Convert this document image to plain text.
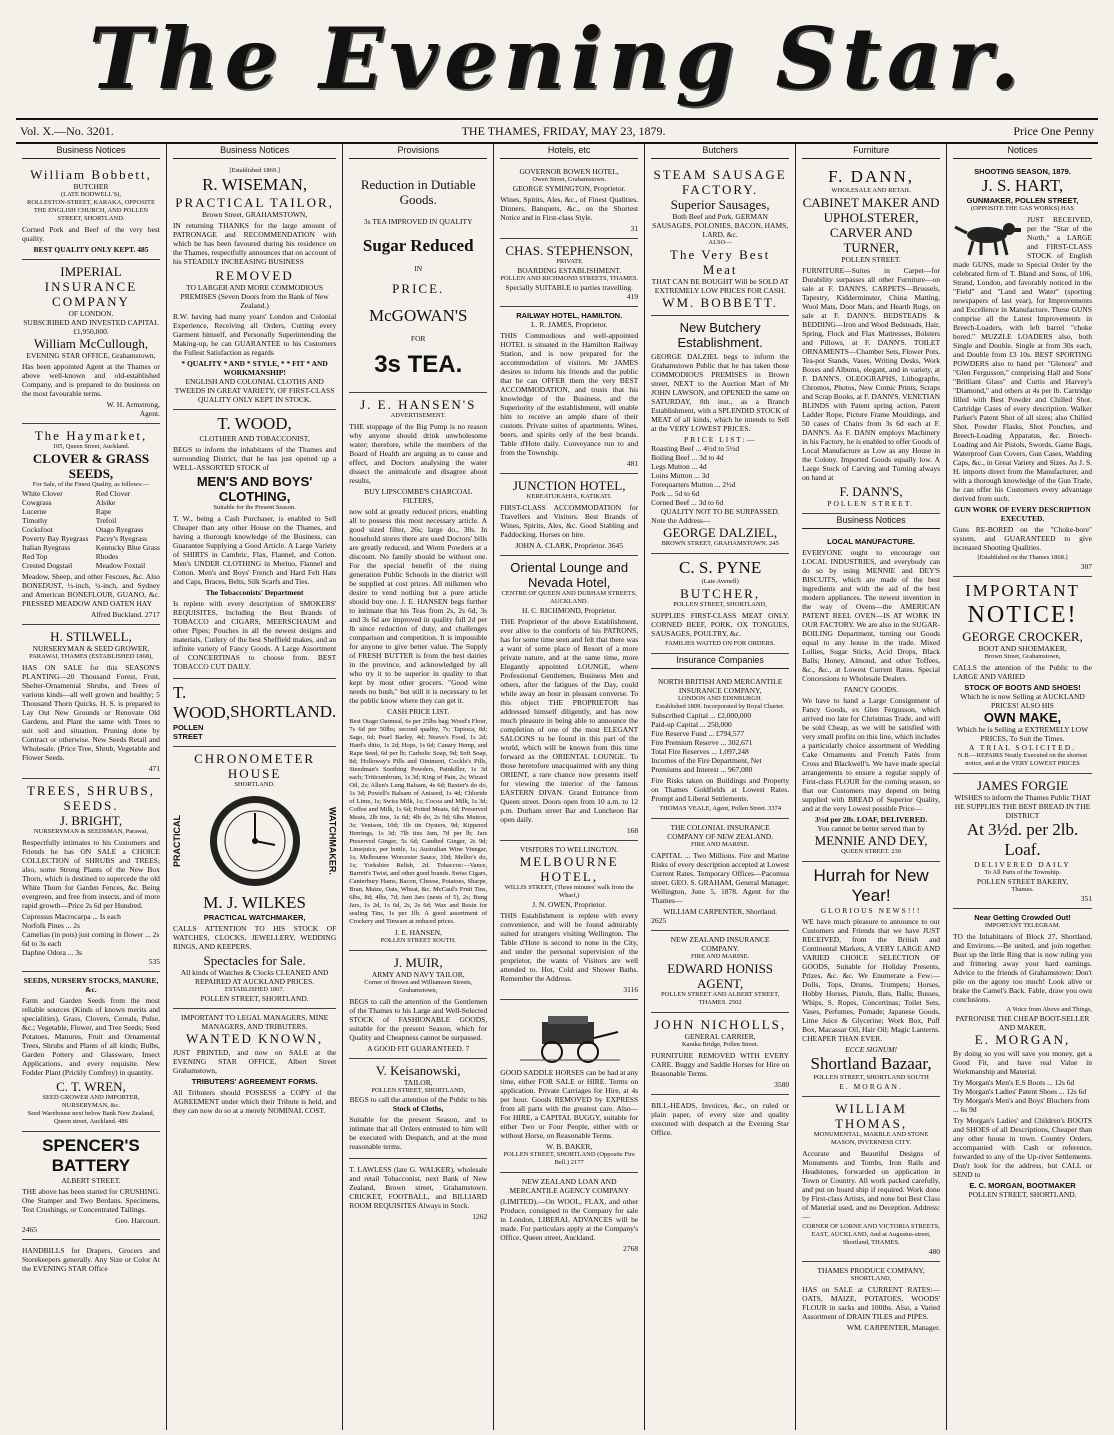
The Evening Star.
Vol. X.—No. 3201.	THE THAMES, FRIDAY, MAY 23, 1879.	Price One Penny
Business Notices
William Bobbett,
BUTCHER
(LATE BODWELL'S),
ROLLESTON-STREET, KARAKA, OPPOSITE THE ENGLISH CHURCH, AND POLLEN STREET, SHORTLAND.
Corned Pork and Beef of the very best quality.
BEST QUALITY ONLY KEPT. 485
IMPERIAL
INSURANCE COMPANY
OF LONDON.
SUBSCRIBED AND INVESTED CAPITAL £1,950,000.
William McCullough,
EVENING STAR OFFICE, Grahamstown,
Has been appointed Agent at the Thames or above well-known and old-established Company, and is prepared to do business on the most favourable terms.
W. H. Armstrong,
Agent.
The Haymarket,
105, Queen Street, Auckland.
CLOVER & GRASS SEEDS,
For Sale, of the Finest Quality, as follows:—
White Clover
Cowgrass
Lucerne
Timothy
Cocksfoot
Poverty Bay Ryegrass
Italian Ryegrass
Red Top
Crested Dogstail
Red Clover
Alsike
Rape
Trefoil
Otago Ryegrass
Pacey's Ryegrass
Kentucky Blue Grass
Rhodes
Meadow Foxtail
Meadow, Sheep, and other Fescues, &c. Also BONEDUST, ½-inch, ¼-inch, and Sydney and American BONEFLOUR, GUANO, &c. PRESSED MEADOW AND OATEN HAY
Alfred Buckland. 2717
H. STILWELL,
NURSERYMAN & SEED GROWER,
PARAWAI, THAMES (ESTABLISHED 1868),
HAS ON SALE for this SEASON'S PLANTING—20 Thousand Forest, Fruit, Shelter-Ornamental Shrubs, and Trees of various kinds—all well grown and healthy; 5 Thousand Thorn Quicks. H. S. is prepared to Lay Out New Grounds or Renovate Old Gardens, and Plant the same with Trees to suit soil and situation. Pruning done by Contract or otherwise. New Seeds Retail and Wholesale. (Price Tree, Shrub, Vegetable and Flower Seeds.
471
TREES, SHRUBS, SEEDS.
J. BRIGHT,
NURSERYMAN & SEEDSMAN, Parawai,
Respectfully intimates to his Customers and Friends he has ON SALE a CHOICE COLLECTION of SHRUBS and TREES; also, some Strong Plants of the New Box Thorn, which is destined to supercede the old White Thorn for Garden Fences, &c. Being evergreen, and free from insects, and of more rapid growth—Price 2s 6d per Hundred.
Cupressus Macrocarpa ... Is each
Norfolk Pines ... 2s
Camelias (in pots) just coming in flower ... 2s 6d to 3s each
Daphne Odora ... 3s
535
SEEDS, NURSERY STOCKS, MANURE, &c.
Farm and Garden Seeds from the most reliable sources (Kinds of known merits and specialities), Grass, Clovers, Cereals, Pulse, &c.; Vegetable, Flower, and Tree Seeds; Seed Potatoes, Manures, Fruit and Ornamental Trees, Shrubs and Plants of all kinds; Bulbs, Garden Pottery and Glassware, Insect Applications, and every requisite. New Fodder Plant (Prickly Comfrey) in quantity.
C. T. WREN,
SEED GROWER AND IMPORTER, NURSERYMAN, &c.
Seed Warehouse next below Bank New Zealand, Queen street, Auckland. 486
SPENCER'S BATTERY
ALBERT STREET.
THE above has been started for CRUSHING. One Stamper and Two Berdans. Specimens, Test Crushings, or Concentrated Tailings.
Geo. Harcourt.
2465
HANDBILLS for Drapers, Grocers and Storekeepers generally. Any Size or Color At the EVENING STAR Office
Business Notices
[Established 1869.]
R. WISEMAN,
PRACTICAL TAILOR,
Brown Street, GRAHAMSTOWN,
IN returning THANKS for the large amount of PATRONAGE and RECOMMENDATION with which he has been favoured during his residence on the Thames, respectfully announces that on account of his STEADILY INCREASING BUSINESS
REMOVED
TO LARGER AND MORE COMMODIOUS PREMISES (Seven Doors from the Bank of New Zealand.)
R.W. having had many years' London and Colonial Experience, Receiving all Orders, Cutting every Garment himself, and Personally Superintending the Making-up, he can GUARANTEE to his Customers the Fullest Satisfaction as regards
* QUALITY * AND * STYLE, * * FIT * AND WORKMANSHIP!
ENGLISH AND COLONIAL CLOTHS AND TWEEDS IN GREAT VARIETY, OF FIRST-CLASS QUALITY ONLY KEPT IN STOCK.
T. WOOD,
CLOTHIER AND TOBACCONIST,
BEGS to inform the inhabitants of the Thames and surrounding District, that he has just opened up a WELL-ASSORTED STOCK of
MEN'S AND BOYS' CLOTHING,
Suitable for the Present Season.
T. W., being a Cash Purchaser, is enabled to Sell Cheaper than any other House on the Thames, and having a thorough knowledge of the Business, can Guarantee Supplying a Good Article. A Large Variety of SHIRTS in Cambric, Flax, Flannel, and Cotton. Men's UNDER CLOTHING in Merino, Flannel and Cotton. Men's and Boys' French and Hard Felt Hats and Caps, Braces, Belts, Silk Scarfs and Ties.
The Tobacconists' Department
Is replete with every description of SMOKERS' REQUISITES, Including the Best Brands of TOBACCO and CIGARS, MEERSCHAUM and other Pipes; Pouches in all the newest designs and materials, Cutlery of the best Sheffield makes, and an infinite variety of Fancy Goods. A Large Assortment of CONCERTINAS to choose from. BEST TOBACCO CUT DAILY.
T. WOOD,
POLLEN STREET
SHORTLAND.
CHRONOMETER HOUSE
SHORTLAND.
PRACTICAL	WATCHMAKER.
M. J. WILKES
PRACTICAL WATCHMAKER,
CALLS ATTENTION TO HIS STOCK OF WATCHES, CLOCKS, JEWELLERY, WEDDING RINGS, AND KEEPERS.
Spectacles for Sale.
All kinds of Watches & Clocks CLEANED AND REPAIRED AT AUCKLAND PRICES.
ESTABLISHED 1867.
POLLEN STREET, SHORTLAND.
IMPORTANT TO LEGAL MANAGERS, MINE MANAGERS, AND TRIBUTERS.
WANTED KNOWN,
JUST PRINTED, and now on SALE at the EVENING STAR OFFICE, Albert Street Grahamstown,
TRIBUTERS' AGREEMENT FORMS.
All Tributers should POSSESS a COPY of the AGREEMENT under which their Tribute is held, and they can now do so at a merely NOMINAL COST.
Provisions
Reduction in Dutiable
Goods.
3s TEA IMPROVED IN QUALITY
Sugar Reduced
IN
PRICE.
McGOWAN'S
FOR
3s TEA.
J. E. HANSEN'S
ADVERTISEMENT.
THE stoppage of the Big Pump is no reason why anyone should drink unwholesome water; therefore, while the members of the Board of Health are arguing as to cause and effect, and Doctors analysing the water dissect the animalcule and disagree about results,
BUY LIPSCOMBE'S CHARCOAL FILTERS,
now sold at greatly reduced prices, enabling all to possess this most necessary article. A good sized filter, 26s; large do., 30s. In household stores there are used Doctors' bills are greatly reduced, and Worm Powders at a discount. No family should be without one. For the special benefit of the rising generation Public Schools in the district will be supplied at cost prices. All milkmen who desire to vend nothing but a pure article should buy one. J. E. HANSEN begs further to intimate that his Teas from 2s, 2s 6d, 3s and 3s 6d are improved in quality full 2d per lb since reduction of duty, and challenges comparison and competition. It is impossible for anyone to give better value. The Supply of FRESH BUTTER is from the best dairies in the province, and acknowledged by all who try it to be superior in quality to that kept by most other grocers. "Good wine needs no bush," but still it is necessary to let the public know where they can get it.
CASH PRICE LIST.
Best Otago Oatmeal, 6s per 25lbs bag; Wood's Flour, 7s 6d per 50lbs; second quality, 7s; Tapioca, 8d; Sago, 6d; Pearl Barley, 4d; Neave's Food, 1s 2d; Hard's ditto, 1s 2d; Hops, 1s 6d; Canary Hemp, and Rape Seed, 6d per lb; Carbolic Soap, 9d; Soft Soap, 8d; Holloway's Pills and Ointment, Cockle's Pills, Steedman's Soothing Powders, Painkiller, 1s 3d each; Triticumbrum, 1s 3d; King of Pain, 2s; Wizard Oil, 2s; Allen's Lung Balsam, 4s 6d; Baxter's do do, 1s 3d; Powell's Balsam of Aniseed, 1s 4d; Chloride of Lime, 1s; Swiss Milk, 1s; Cocoa and Milk, 1s 3d; Coffee and Milk, 1s 6d; Potted Meats, 6d; Preserved Meats, 2lb tins, 1s 6d; 4lb do, 2s 9d; 6lbs Mutton, 3s; Venison, 10d; 1lb tin Oysters, 9d; Kippered Herrings, 1s 3d; 7lb tins Jam, 7d per lb; Jars Preserved Ginger, 5s 6d; Candied Ginger, 2s 9d; Limejuice, per bottle, 1s; Australian Wine Vinegar, 1s; Melbourne Worcester Sauce, 10d; Mellor's do, 1s; Yorkshire Relish, 2d. Tobaccos:—Vance, Barrett's Twist, and other good brands. Swiss Cigars, Canterbury Hams, Bacon, Cheese, Potatoes, Sharpe, Bran, Maize, Oats, Wheat, &c. McCaul's Fruit Tins, 6lbs, 8d; 4lbs, 7d; Jam Jars (nests of 5), 2s; Bung Jars, 1s 2d, 1s 6d, 2s, 2s 6d; Wax and Resin for sealing Tins, 1s per 1lb. A good assortment of Crockery and Tinware at reduced prices.
J. E. HANSEN,
POLLEN STREET SOUTH.
J. MUIR,
ARMY AND NAVY TAILOR,
Corner of Brown and Williamson Streets, Grahamstown,
BEGS to call the attention of the Gentlemen of the Thames to his Large and Well-Selected STOCK of FASHIONABLE GOODS, suitable for the present Season, which for Quality and Cheapness cannot be surpassed.
A GOOD FIT GUARANTEED. 7
V. Keisanowski,
TAILOR,
POLLEN STREET, SHORTLAND,
BEGS to call the attention of the Public to his
Stock of Cloths,
Suitable for the present Season, and to intimate that all Orders entrusted to him will be executed with Despatch, and at the most reasonable terms.
T. LAWLESS (late G. WALKER), wholesale and retail Tobacconist, next Bank of New Zealand, Brown street, Grahamstown. CRICKET, FOOTBALL, and BILLIARD ROOM REQUISITES Always in Stock.
1262
Hotels, etc
GOVERNOR BOWEN HOTEL,
Owen Street, Grahamstown.
GEORGE SYMINGTON, Proprietor.
Wines, Spirits, Ales, &c., of Finest Qualities. Dinners, Banquets, &c., on the Shortest Notice and in First-class Style.
31
CHAS. STEPHENSON,
PRIVATE
BOARDING ESTABLISHMENT.
POLLEN AND RICHMOND STREETS, THAMES.
Specially SUITABLE to parties travelling.
419
RAILWAY HOTEL, HAMILTON.
L. R. JAMES, Proprietor.
THIS Commodious and well-appointed HOTEL is situated in the Hamilton Railway Station, and is now prepared for the accommodation of visitors. Mr JAMES desires to inform his friends and the public that he can OFFER them the very BEST ACCOMMODATION, and trusts that his knowledge of the Business, and the Superiority of the establishment, will enable him to receive an ample share of their custom. Private suites of apartments. Wines, beers, and spirits only of the best brands. Table d'Hote daily. Conveyance run to and from the Township.
481
JUNCTION HOTEL,
KEREATUKAHIA, KATIKATI.
FIRST-CLASS ACCOMMODATION for Travellers and Visitors. Best Brands of Wines, Spirits, Ales, &c. Good Stabling and Paddocking. Horses on hire.
JOHN A. CLARK, Proprietor. 3645
Oriental Lounge and Nevada Hotel,
CENTRE OF QUEEN AND DURHAM STREETS, AUCKLAND.
H. C. RICHMOND, Proprietor.
THE Proprietor of the above Establishment, ever alive to the comforts of his PATRONS, has for some time seen and felt that there was a want of some place of Resort of a more private nature, and at the same time, more Elegantly appointed LOUNGE, where Professional Gentlemen, Business Men and others, after the fatigues of the Day, could while away an hour in pleasant converse. To this object THE PROPRIETOR has addressed himself diligently, and has now much pleasure in being able to announce the completion of one of the most ELEGANT SALOONS to be found in this part of the world, which will be known from this time forward as the ORIENTAL LOUNGE. To those heretofore unacquainted with any thing ORIENT, a rare chance now presents itself for viewing the interior of the famous EASTERN DIVAN. Grand Entrance from Queen street. Doors open from 10 a.m. to 12 p.m. Durham street Bar and Luncheon Bar open daily.
168
VISITORS TO WELLINGTON.
MELBOURNE HOTEL,
WILLIS STREET, (Three minutes' walk from the Wharf,)
J. N. OWEN, Proprietor.
THIS Establishment is replete with every convenience, and will be found admirably suited for strangers visiting Wellington. The Table d'Hote is second to none in the City, and under the personal supervision of the proprietor, the wants of Visitors are well attended to. Hot, Cold and Shower Baths. Remember the Address.
3116
GOOD SADDLE HORSES can be had at any time, either FOR SALE or HIRE. Terms on application. Private Carriages for Hire, at 4s per hour. Goods REMOVED by EXPRESS from all parts with the greatest care. Also—For HIRE, a CAPITAL BUGGY, suitable for either Two or Four People, either with or without Horse, on Reasonable Terms.
W. B. BAKER,
POLLEN STREET, SHORTLAND (Opposite Fire Bell.) 2177
NEW ZEALAND LOAN AND MERCANTILE AGENCY COMPANY
(LIMITED).—On WOOL, FLAX, and other Produce, consigned to the Company for sale in London, LIBERAL ADVANCES will be made. For particulars apply at the Company's Office, Queen street, Auckland.
2768
Butchers
STEAM SAUSAGE FACTORY.
Superior Sausages,
Both Beef and Pork. GERMAN SAUSAGES, POLONIES, BACON, HAMS, LARD, &c.
ALSO—
The Very Best Meat
THAT CAN BE BOUGHT Will be SOLD AT EXTREMELY LOW PRICES FOR CASH.
WM. BOBBETT.
New Butchery Establishment.
GEORGE DALZIEL begs to inform the Grahamstown Public that he has taken those COMMODIOUS PREMISES in Brown street, NEXT to the Auction Mart of Mr JOHN LAWSON, and OPENED the same on SATURDAY, 8th inst., as a Branch Establishment, with a SPLENDID STOCK of MEAT of all kinds, which he intends to Sell at the VERY LOWEST PRICES.
PRICE LIST:—
Roasting Beef ... 4½d to 5½d
Boiling Beef ... 3d to 4d
Legs Mutton ... 4d
Loins Mutton ... 3d
Forequarters Mutton ... 2½d
Pork ... 5d to 6d
Corned Beef ... 3d to 6d
QUALITY NOT TO BE SURPASSED.
Note the Address—
GEORGE DALZIEL,
BROWN STREET, GRAHAMSTOWN. 245
C. S. PYNE
(Late Avenell)
BUTCHER,
POLLEN STREET, SHORTLAND,
SUPPLIES FIRST-CLASS MEAT ONLY. CORNED BEEF, PORK, OX TONGUES, SAUSAGES, POULTRY, &c.
FAMILIES WAITED ON FOR ORDERS.
Insurance Companies
NORTH BRITISH AND MERCANTILE INSURANCE COMPANY,
LONDON AND EDINBURGH.
Established 1809. Incorporated by Royal Charter.
Subscribed Capital ... £2,000,000
Paid-up Capital ... 250,000
Fire Reserve Fund ... £794,577
Fire Premium Reserve ... 302,671
Total Fire Reserves ... 1,097,248
Incomes of the Fire Department, Net Premiums and Interest ... 967,080
Fire Risks taken on Buildings and Property on Thames Goldfields at Lowest Rates. Prompt and Liberal Settlements.
THOMAS VEALE, Agent, Pollen Street. 3374
THE COLONIAL INSURANCE COMPANY OF NEW ZEALAND.
FIRE AND MARINE.
CAPITAL ... Two Millions. Fire and Marine Risks of every description accepted at Lowest Current Rates. Temporary Offices—Pacomua street. GEO. S. GRAHAM, General Manager. Wellington, June 5, 1878. Agent for the Thames—
WILLIAM CARPENTER, Shortland.
2625
NEW ZEALAND INSURANCE COMPANY.
FIRE AND MARINE.
EDWARD HONISS AGENT,
POLLEN STREET AND ALBERT STREET, THAMES. 2502
JOHN NICHOLLS,
GENERAL CARRIER,
Karaka Bridge, Pollen Street.
FURNITURE REMOVED WITH EVERY CARE. Buggy and Saddle Horses for Hire on Reasonable Terms.
3580
BILL-HEADS, Invoices, &c., on ruled or plain paper, of every size and quality executed with despatch at the Evening Star Office.
Furniture
F. DANN,
WHOLESALE AND RETAIL
CABINET MAKER AND UPHOLSTERER, CARVER AND TURNER,
POLLEN STREET.
FURNITURE—Suites in Carpet—for Durability surpasses all other Furniture—on sale at F. DANN'S. CARPETS—Brussels, Tapestry, Kidderminster, China Matting, Wool Mats, Door Mats, and Hearth Rugs, on sale at F. DANN'S. BEDSTEADS & BEDDING—Iron and Wood Bedsteads, Hair, Spring, Flock and Flax Mattresses, Bolsters and Pillows, at F. DANN'S. TOILET ORNAMENTS—Chamber Sets, Flower Pots, Tea-pot Stands, Vases, Writing Desks, Work Boxes and Albums, elegant, and in variety, at F. DANN'S. OLEOGRAPHS, Lithographs, Chromos, Photos, New Comic Prints, Scraps and Scrap Books, at F. DANN'S. VENETIAN BLINDS with Patent spring action, Patent Ladder Rope, Picture Frame Mouldings, and 50 cases of Chairs from 3s 6d each at F. DANN'S. As F. DANN employs Machinery in his Factory, he is enabled to offer Goods of Local Manufacture as Low as any House in the Colony. Imported Goods equally low. A Large Stock of Carving and Turning always on hand at
F. DANN'S,
POLLEN STREET.
Business Notices
LOCAL MANUFACTURE.
EVERYONE ought to encourage our LOCAL INDUSTRIES, and everybody can do so by using MENNIE and DEY'S BISCUITS, which are made of the best ingredients and with the aid of the best modern appliances. The newest invention in the way of Ovens—the AMERICAN PATENT REEL OVEN—IS AT WORK IN OUR FACTORY. We are also in the SUGAR-BOILING Department, turning out Goods equal to any house in the trade. Mixed Lollies, Sugar Sticks, Acid Drops, Black Balls; Honey, Almond, and other Toffees, &c., &c., at Lowest Current Rates. Special Concessions to Wholesale Dealers.
FANCY GOODS.
We have to hand a Large Consignment of Fancy Goods, ex Glen Fergusson, which arrived too late for Christmas Trade, and will be sold Cheap, as we will be satisfied with very small profits on this line, which includes a particularly choice assortment of Wedding Cake Ornaments and French Fatés from Cross and Blackwell's. We have made special arrangements to ensure a regular supply of First-class FLOUR for the coming season, so that our Customers may depend on being supplied with BREAD of Superior Quality, and at the very Lowest possible Price—
3½d per 2lb. LOAF, DELIVERED.
You cannot be better served than by
MENNIE AND DEY,
QUEEN STREET. 230
Hurrah for New Year!
GLORIOUS NEWS!!!
WE have much pleasure to announce to our Customers and Friends that we have JUST RECEIVED, from the British and Continental Markets, A VERY LARGE AND VARIED CHOICE SELECTION OF GOODS, Suitable for Holiday Presents, Prizes, &c. &c. We Enumerate a Few:— Dolls, Tops, Drums, Trumpets; Horses, Hobby Horses, Pistols, Bats, Balls; Busses, Whips, S. Ropes, Concertinas; Toilet Sets, Vases, Perfumes, Pomade; Japanese Goods, Lime Juice & Glycerine; Work Box, Puff Box, Macassar Oil, Hair Oil; Magic Lanterns. CHEAPER THAN EVER.
ECCE SIGNUM!
Shortland Bazaar,
POLLEN STREET, SHORTLAND SOUTH
E. MORGAN.
WILLIAM THOMAS,
MONUMENTAL, MARBLE AND STONE MASON, INVERNESS CITY.
Accurate and Beautiful Designs of Monuments and Tombs, Iron Rails and Headstones, forwarded on application in Town or Country. All work packed carefully, and put on board ship if required. Work done by First-class Artists, and none but Best Class of Material used, and no Deception. Address:—
CORNER OF LORNE AND VICTORIA STREETS, EAST, AUCKLAND, And at Augustus-street, Shortland, THAMES.
480
THAMES PRODUCE COMPANY,
SHORTLAND,
HAS on SALE at CURRENT RATES:— OATS, MAIZE, POTATOES, WOODS' FLOUR in sacks and 100lbs. Also, a Varied Assortment of DRAIN TILES and PIPES.
WM. CARPENTER, Manager.
Notices
SHOOTING SEASON, 1879.
J. S. HART,
GUNMAKER, POLLEN STREET,
(OPPOSITE THE GAS WORKS) HAS
JUST RECEIVED, per the "Star of the North," a LARGE and FIRST-CLASS STOCK of English made GUNS, made to Special Order by the celebrated firm of T. Bland and Sons, of 106, Strand, London, and favorably noticed in the "Field" and "Land and Water" (sporting newspapers of last year), for Improvements and Excellence in Manufacture. These GUNS comprise all the Latest Improvements in Breech-Loaders, with left barrel "choke bored." MUZZLE LOADERS also, both Single and Double. Single at from 30s each, and Double from £3 10s. BEST SPORTING POWDERS also to hand per "Glenora" and "Glen Fergusson," comprising Hall and Sons' "Brilliant Glass" and Curtis and Harvey's "Diamond," and others at 4s per lb. Cartridge filled with Best Powder and Chilled Shot. Cartridge Cases of every description. Walker Parker's Patent Shot of all sizes; also Chilled Shot. Powder Flasks, Shot Pouches, and Breech-Loading Apparatus, &c. Breech-Loading and Air Pistols, Swords, Game Bags, Waterproof Gun Covers, Gun Cases, Wadding Caps, &c., in Great Variety and Sizes. As J. S. H. imports direct from the Manufacturer, and with a thorough knowledge of the Gun Trade, he can offer his Customers every advantage derived from such.
GUN WORK OF EVERY DESCRIPTION EXECUTED.
Guns RE-BORED on the "Choke-bore" system, and GUARANTEED to give increased Shooting Qualities.
[Established on the Thames 1868.]
307
IMPORTANT
NOTICE!
GEORGE CROCKER,
BOOT AND SHOEMAKER,
Brown Street, Grahamstown,
CALLS the attention of the Public to the LARGE AND VARIED
STOCK OF BOOTS AND SHOES!
Which he is now Selling at AUCKLAND PRICES! ALSO HIS
OWN MAKE,
Which he is Selling at EXTREMELY LOW PRICES, To Suit the Times.
A TRIAL SOLICITED.
N.B.—REPAIRS Neatly Executed on the shortest notice, and at the VERY LOWEST PRICES
JAMES FORGIE
WISHES to inform the Thames Public THAT HE SUPPLIES THE BEST BREAD IN THE DISTRICT
At 3½d. per 2lb. Loaf.
DELIVERED DAILY
To All Parts of the Township.
POLLEN STREET BAKERY,
Thames.
351
Near Getting Crowded Out!
IMPORTANT TELEGRAM.
TO the Inhabitants of Block 27, Shortland, and Environs.—Be united, and join together. Bust up the little Ring that is now ruling you and frittering away your hard earnings. Advice to the friends of Grahamstown: Don't pile on the agony too much! Look alive or brake the Camel's Back. Fable, draw you own conclusions.
A Voice from Above and Things,
PATRONISE THE CHEAP BOOT-SELLER AND MAKER,
E. MORGAN,
By doing so you will save you money, get a Good Fit, and have real Value in Workmanship and Material.
Try Morgan's Men's E.S Boots ... 12s 6d
Try Morgan's Ladies' Patent Shoes ... 12s 6d
Try Morgan's Men's and Boys' Bluchers from ... 6s 9d
Try Morgan's Ladies' and Children's BOOTS and SHOES of all Descriptions, Cheaper than any other house in town. Country Orders, accompanied with Cash or reference, forwarded to any of the Up-river Settlements. Don't look for the address, but CALL or SEND to
E. C. MORGAN, BOOTMAKER
POLLEN STREET, SHORTLAND.
